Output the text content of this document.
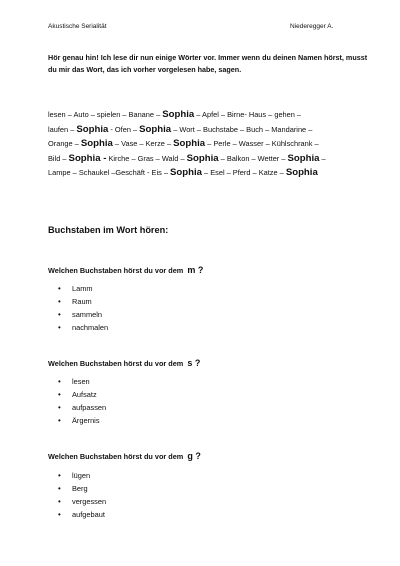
Akustische Serialität	Niederegger A.
Hör genau hin! Ich lese dir nun einige Wörter vor. Immer wenn du deinen Namen hörst, musst du mir das Wort, das ich vorher vorgelesen habe, sagen.
lesen – Auto – spielen – Banane – Sophia – Apfel – Birne- Haus – gehen –
laufen – Sophia - Ofen – Sophia – Wort – Buchstabe – Buch – Mandarine –
Orange – Sophia – Vase – Kerze – Sophia – Perle – Wasser – Kühlschrank –
Bild – Sophia - Kirche – Gras – Wald – Sophia – Balkon – Wetter – Sophia –
Lampe – Schaukel –Geschäft - Eis – Sophia – Esel – Pferd – Katze – Sophia
Buchstaben im Wort hören:
Welchen Buchstaben hörst du vor dem m ?
• Lamm
• Raum
• sammeln
• nachmalen
Welchen Buchstaben hörst du vor dem s ?
• lesen
• Aufsatz
• aufpassen
• Ärgernis
Welchen Buchstaben hörst du vor dem g ?
• lügen
• Berg
• vergessen
• aufgebaut
